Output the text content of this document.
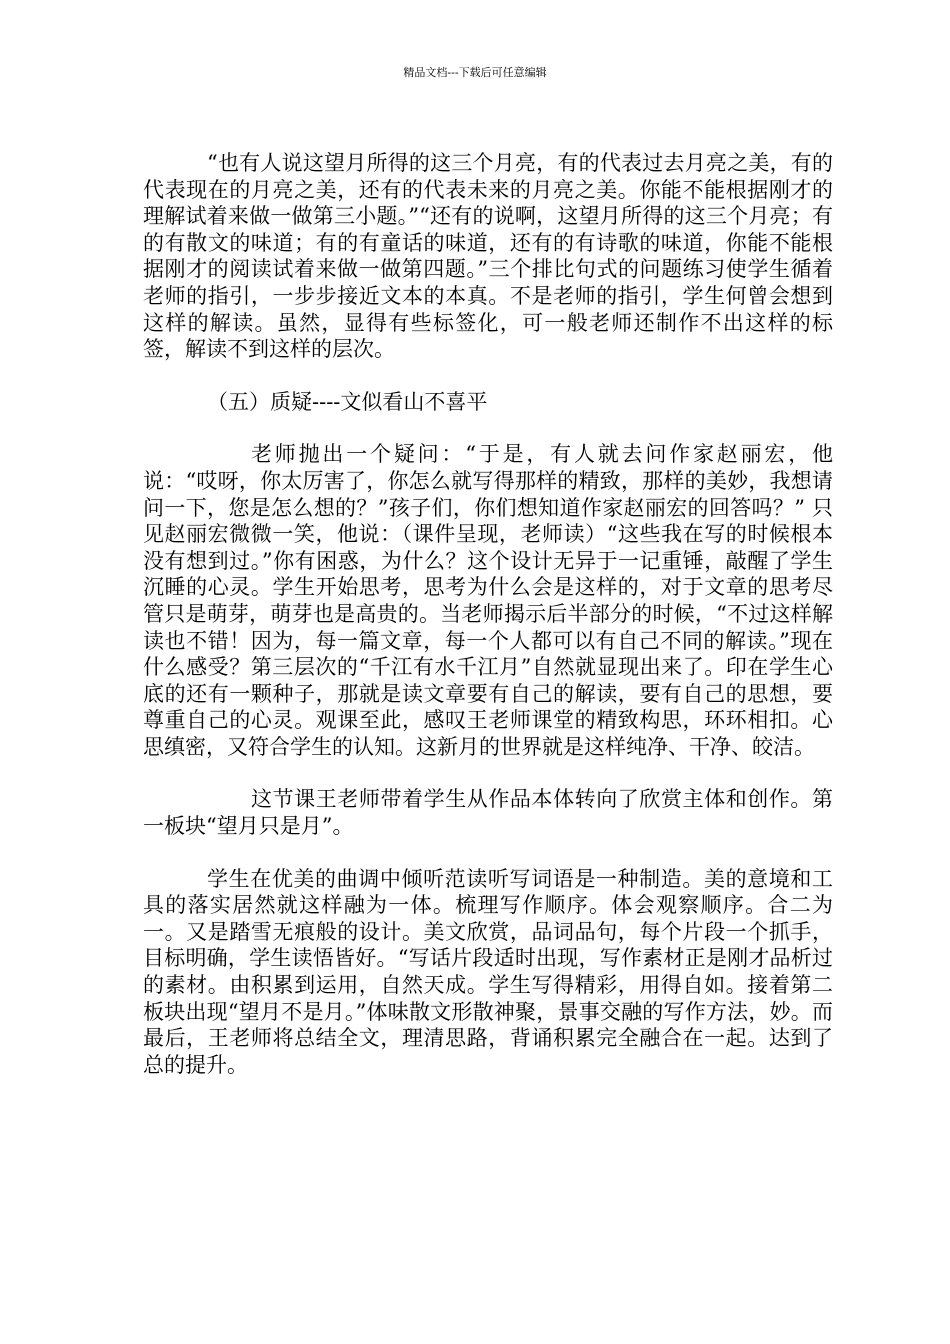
精品文档---下载后可任意编辑

“也有人说这望月所得的这三个月亮，有的代表过去月亮之美，有的代表现在的月亮之美，还有的代表未来的月亮之美。你能不能根据刚才的理解试着来做一做第三小题。”“还有的说啊，这望月所得的这三个月亮；有的有散文的味道；有的有童话的味道，还有的有诗歌的味道，你能不能根据刚才的阅读试着来做一做第四题。”三个排比句式的问题练习使学生循着老师的指引，一步步接近文本的本真。不是老师的指引，学生何曾会想到这样的解读。虽然，显得有些标签化，可一般老师还制作不出这样的标签，解读不到这样的层次。

（五）质疑----文似看山不喜平

老师抛出一个疑问：“于是，有人就去问作家赵丽宏，他说：“哎呀，你太厉害了，你怎么就写得那样的精致，那样的美妙，我想请问一下，您是怎么想的？”孩子们，你们想知道作家赵丽宏的回答吗？” 只见赵丽宏微微一笑，他说：（课件呈现，老师读）“这些我在写的时候根本没有想到过。”你有困惑，为什么？这个设计无异于一记重锤，敲醒了学生沉睡的心灵。学生开始思考，思考为什么会是这样的，对于文章的思考尽管只是萌芽，萌芽也是高贵的。当老师揭示后半部分的时候，“不过这样解读也不错！因为，每一篇文章，每一个人都可以有自己不同的解读。”现在什么感受？第三层次的“千江有水千江月”自然就显现出来了。印在学生心底的还有一颗种子，那就是读文章要有自己的解读，要有自己的思想，要尊重自己的心灵。观课至此，感叹王老师课堂的精致构思，环环相扣。心思缜密，又符合学生的认知。这新月的世界就是这样纯净、干净、皎洁。

这节课王老师带着学生从作品本体转向了欣赏主体和创作。第一板块“望月只是月”。

学生在优美的曲调中倾听范读听写词语是一种制造。美的意境和工具的落实居然就这样融为一体。梳理写作顺序。体会观察顺序。合二为一。又是踏雪无痕般的设计。美文欣赏，品词品句，每个片段一个抓手，目标明确，学生读悟皆好。“写话片段适时出现，写作素材正是刚才品析过的素材。由积累到运用，自然天成。学生写得精彩，用得自如。接着第二板块出现“望月不是月。”体味散文形散神聚，景事交融的写作方法，妙。而最后，王老师将总结全文，理清思路，背诵积累完全融合在一起。达到了总的提升。
